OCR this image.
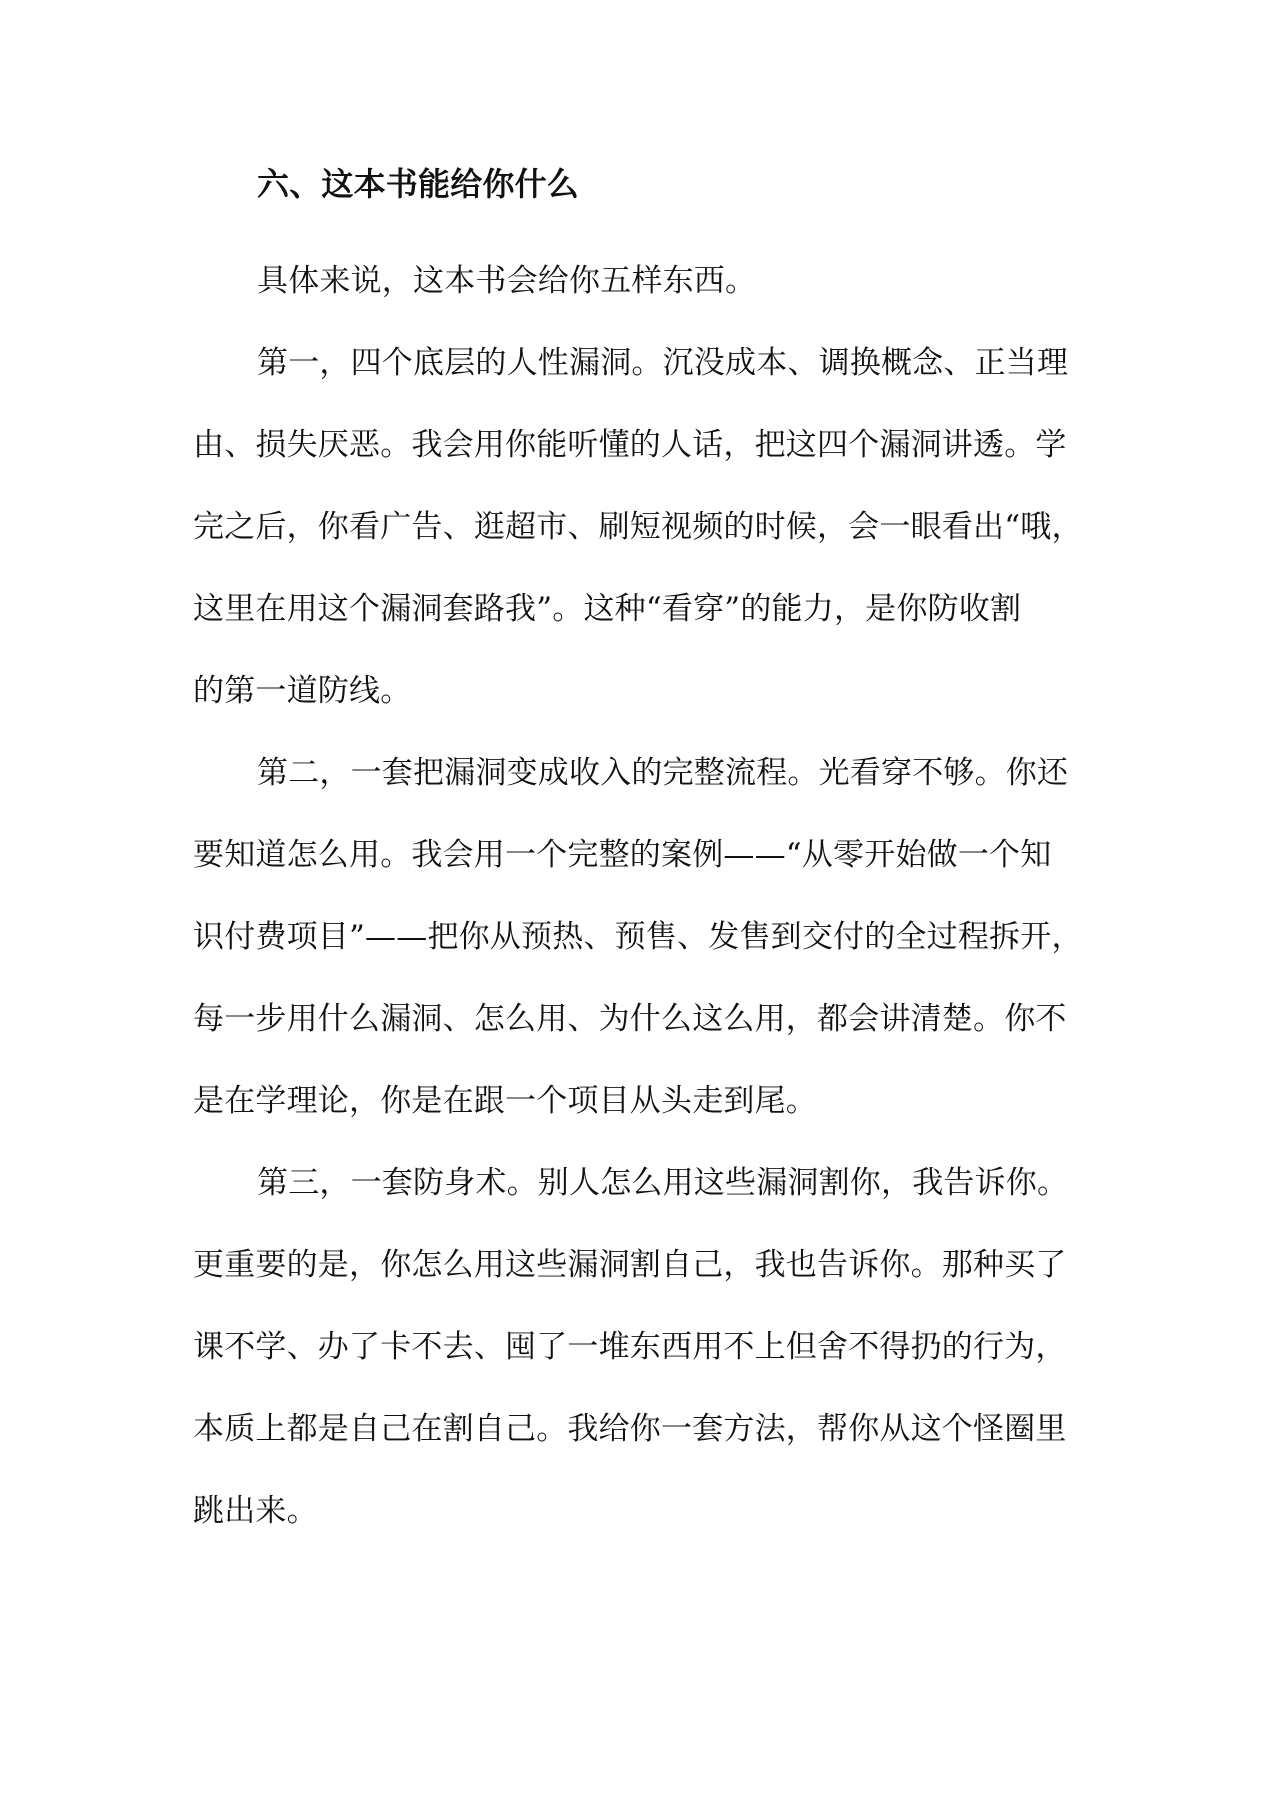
六、这本书能给你什么

具体来说，这本书会给你五样东西。

第一，四个底层的人性漏洞。沉没成本、调换概念、正当理
由、损失厌恶。我会用你能听懂的人话，把这四个漏洞讲透。学
完之后，你看广告、逛超市、刷短视频的时候，会一眼看出“哦，
这里在用这个漏洞套路我”。这种“看穿”的能力，是你防收割
的第一道防线。

第二，一套把漏洞变成收入的完整流程。光看穿不够。你还
要知道怎么用。我会用一个完整的案例——“从零开始做一个知
识付费项目”——把你从预热、预售、发售到交付的全过程拆开，
每一步用什么漏洞、怎么用、为什么这么用，都会讲清楚。你不
是在学理论，你是在跟一个项目从头走到尾。

第三，一套防身术。别人怎么用这些漏洞割你，我告诉你。
更重要的是，你怎么用这些漏洞割自己，我也告诉你。那种买了
课不学、办了卡不去、囤了一堆东西用不上但舍不得扔的行为，
本质上都是自己在割自己。我给你一套方法，帮你从这个怪圈里
跳出来。
